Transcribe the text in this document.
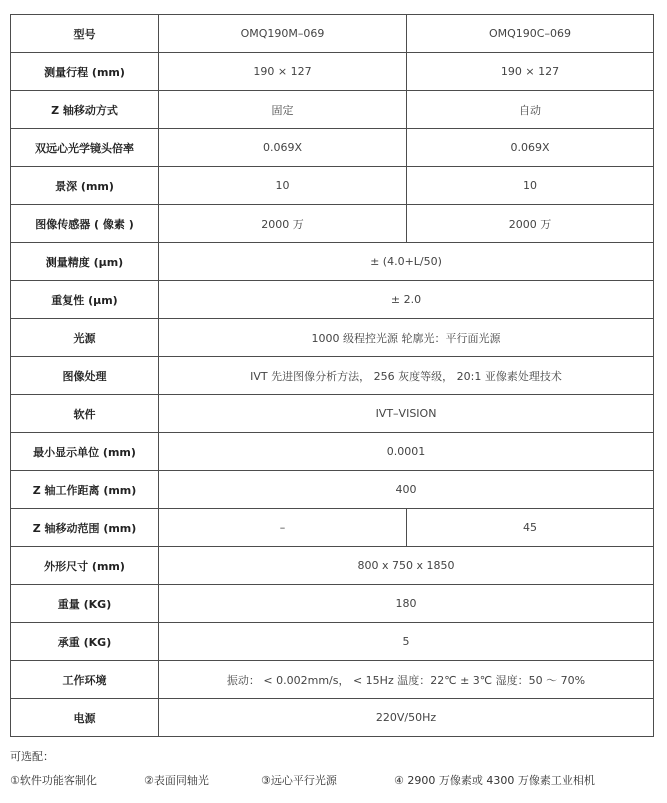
型号	OMQ190M–069	OMQ190C–069
测量行程 (mm)	190 × 127	190 × 127
Z 轴移动方式	固定	自动
双远心光学镜头倍率	0.069X	0.069X
景深 (mm)	10	10
图像传感器 ( 像素 )	2000 万	2000 万
测量精度 (μm)	± (4.0+L/50)	
重复性 (μm)	± 2.0	
光源	1000 级程控光源 轮廓光：平行面光源	
图像处理	IVT 先进图像分析方法， 256 灰度等级， 20:1 亚像素处理技术	
软件	IVT–VISION	
最小显示单位 (mm)	0.0001	
Z 轴工作距离 (mm)	400	
Z 轴移动范围 (mm)	–	45
外形尺寸 (mm)	800 x 750 x 1850	
重量 (KG)	180	
承重 (KG)	5	
工作环境	振动： < 0.002mm/s， < 15Hz 温度：22℃ ± 3℃ 湿度：50 ～ 70%	
电源	220V/50Hz	
可选配：
①软件功能客制化	②表面同轴光	③远心平行光源	④ 2900 万像素或 4300 万像素工业相机
